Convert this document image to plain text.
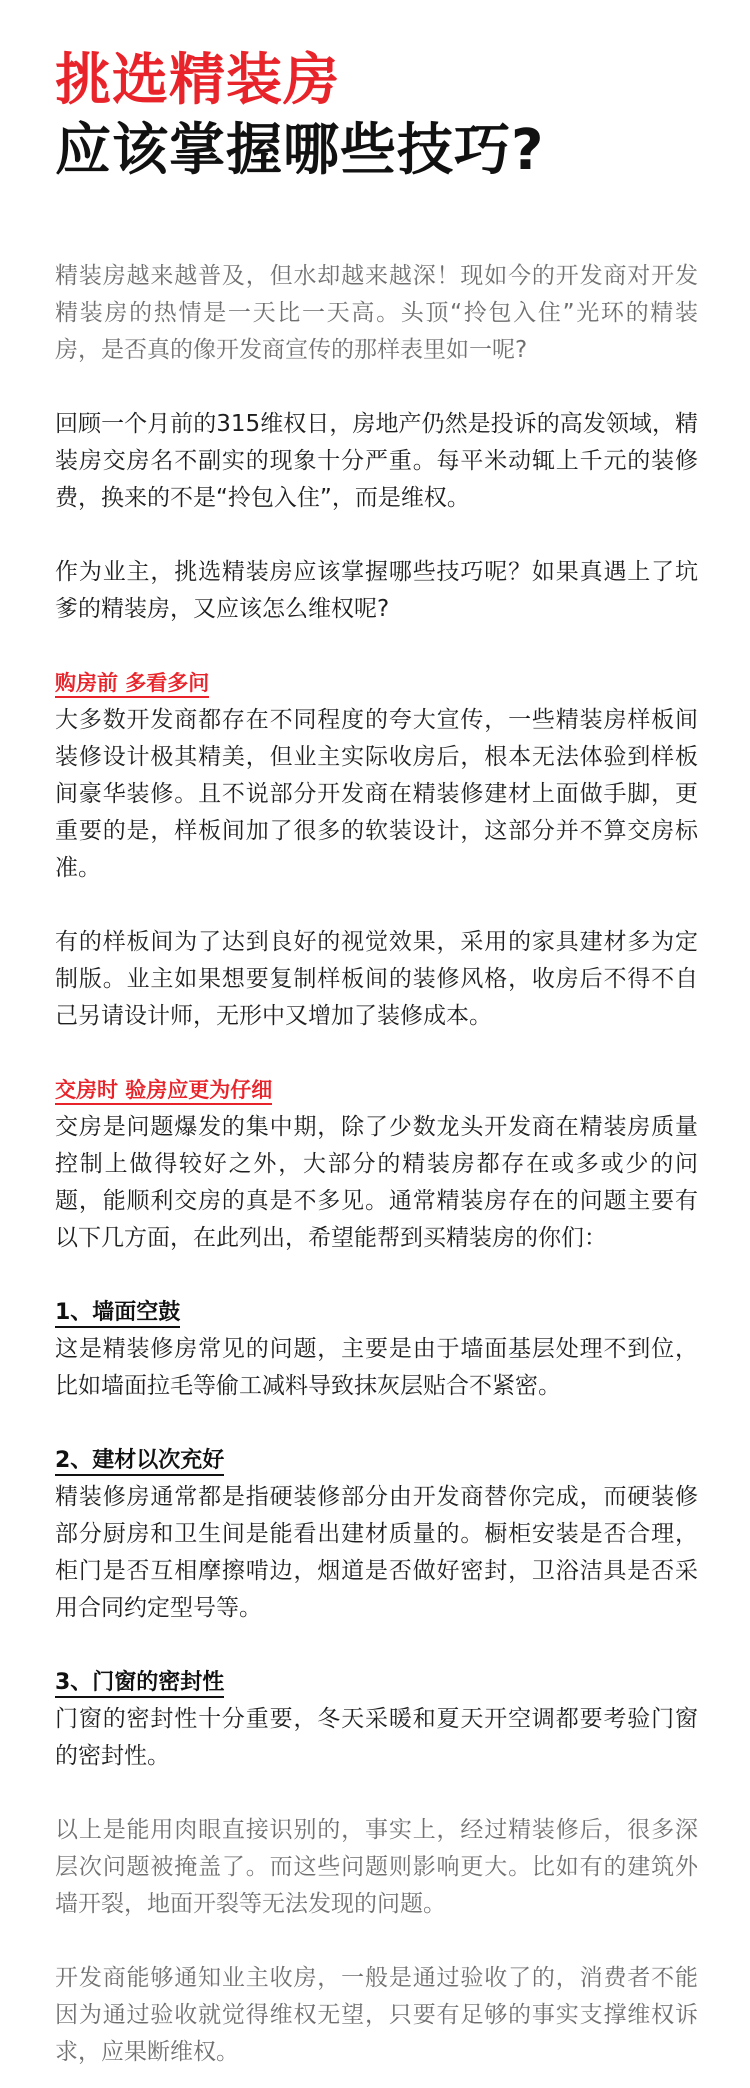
挑选精装房
应该掌握哪些技巧?

精装房越来越普及，但水却越来越深！现如今的开发商对开发精装房的热情是一天比一天高。头顶“拎包入住”光环的精装房，是否真的像开发商宣传的那样表里如一呢?

回顾一个月前的315维权日，房地产仍然是投诉的高发领域，精装房交房名不副实的现象十分严重。每平米动辄上千元的装修费，换来的不是“拎包入住”，而是维权。

作为业主，挑选精装房应该掌握哪些技巧呢？如果真遇上了坑爹的精装房，又应该怎么维权呢?

购房前 多看多问

大多数开发商都存在不同程度的夸大宣传，一些精装房样板间装修设计极其精美，但业主实际收房后，根本无法体验到样板间豪华装修。且不说部分开发商在精装修建材上面做手脚，更重要的是，样板间加了很多的软装设计，这部分并不算交房标准。

有的样板间为了达到良好的视觉效果，采用的家具建材多为定制版。业主如果想要复制样板间的装修风格，收房后不得不自己另请设计师，无形中又增加了装修成本。

交房时 验房应更为仔细

交房是问题爆发的集中期，除了少数龙头开发商在精装房质量控制上做得较好之外，大部分的精装房都存在或多或少的问题，能顺利交房的真是不多见。通常精装房存在的问题主要有以下几方面，在此列出，希望能帮到买精装房的你们：

1、墙面空鼓

这是精装修房常见的问题，主要是由于墙面基层处理不到位，比如墙面拉毛等偷工减料导致抹灰层贴合不紧密。

2、建材以次充好

精装修房通常都是指硬装修部分由开发商替你完成，而硬装修部分厨房和卫生间是能看出建材质量的。橱柜安装是否合理，柜门是否互相摩擦啃边，烟道是否做好密封，卫浴洁具是否采用合同约定型号等。

3、门窗的密封性

门窗的密封性十分重要，冬天采暖和夏天开空调都要考验门窗的密封性。

以上是能用肉眼直接识别的，事实上，经过精装修后，很多深层次问题被掩盖了。而这些问题则影响更大。比如有的建筑外墙开裂，地面开裂等无法发现的问题。

开发商能够通知业主收房，一般是通过验收了的，消费者不能因为通过验收就觉得维权无望，只要有足够的事实支撑维权诉求，应果断维权。
